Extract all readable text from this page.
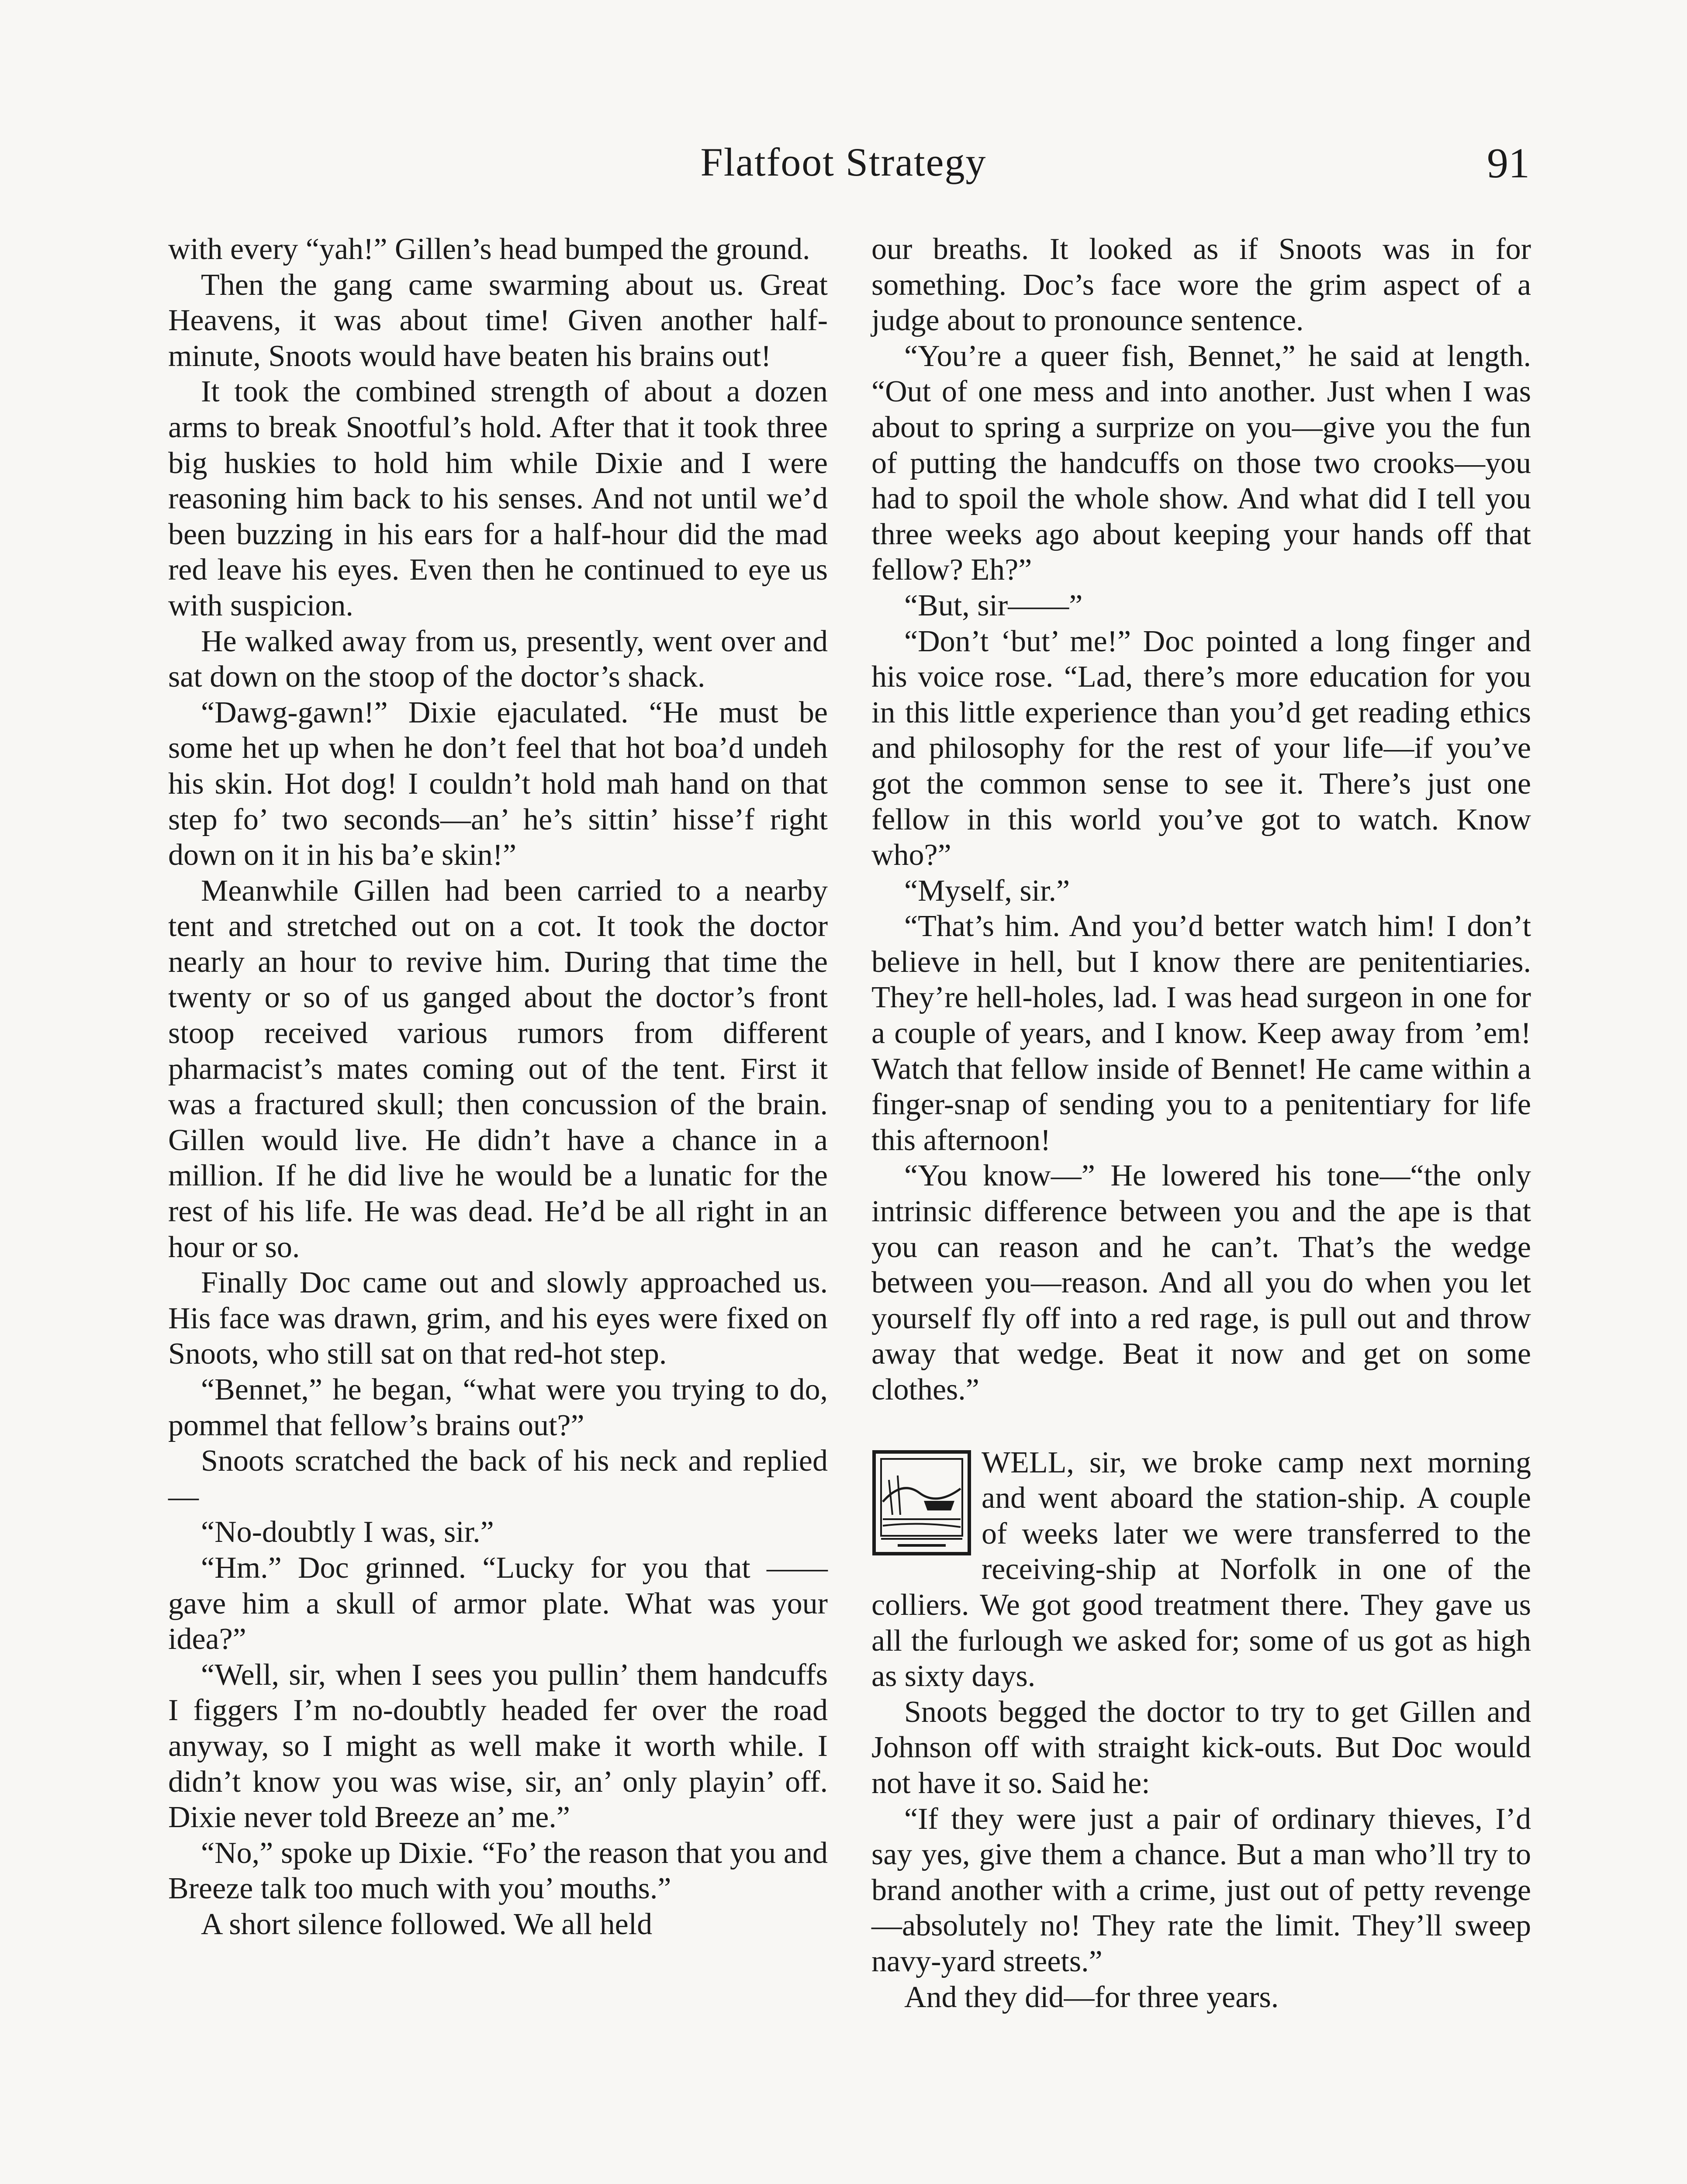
Flatfoot Strategy	91

with every “yah!” Gillen’s head bumped the ground.

Then the gang came swarming about us. Great Heavens, it was about time! Given another half-minute, Snoots would have beaten his brains out!

It took the combined strength of about a dozen arms to break Snootful’s hold. After that it took three big huskies to hold him while Dixie and I were reasoning him back to his senses. And not until we’d been buzzing in his ears for a half-hour did the mad red leave his eyes. Even then he continued to eye us with suspicion.

He walked away from us, presently, went over and sat down on the stoop of the doctor’s shack.

“Dawg-gawn!” Dixie ejaculated. “He must be some het up when he don’t feel that hot boa’d undeh his skin. Hot dog! I couldn’t hold mah hand on that step fo’ two seconds—an’ he’s sittin’ hisse’f right down on it in his ba’e skin!”

Meanwhile Gillen had been carried to a nearby tent and stretched out on a cot. It took the doctor nearly an hour to revive him. During that time the twenty or so of us ganged about the doctor’s front stoop received various rumors from different pharmacist’s mates coming out of the tent. First it was a fractured skull; then concussion of the brain. Gillen would live. He didn’t have a chance in a million. If he did live he would be a lunatic for the rest of his life. He was dead. He’d be all right in an hour or so.

Finally Doc came out and slowly approached us. His face was drawn, grim, and his eyes were fixed on Snoots, who still sat on that red-hot step.

“Bennet,” he began, “what were you trying to do, pommel that fellow’s brains out?”

Snoots scratched the back of his neck and replied—

“No-doubtly I was, sir.”

“Hm.” Doc grinned. “Lucky for you that —— gave him a skull of armor plate. What was your idea?”

“Well, sir, when I sees you pullin’ them handcuffs I figgers I’m no-doubtly headed fer over the road anyway, so I might as well make it worth while. I didn’t know you was wise, sir, an’ only playin’ off. Dixie never told Breeze an’ me.”

“No,” spoke up Dixie. “Fo’ the reason that you and Breeze talk too much with you’ mouths.”

A short silence followed. We all held

our breaths. It looked as if Snoots was in for something. Doc’s face wore the grim aspect of a judge about to pronounce sentence.

“You’re a queer fish, Bennet,” he said at length. “Out of one mess and into another. Just when I was about to spring a surprize on you—give you the fun of putting the handcuffs on those two crooks—you had to spoil the whole show. And what did I tell you three weeks ago about keeping your hands off that fellow? Eh?”

“But, sir——”

“Don’t ‘but’ me!” Doc pointed a long finger and his voice rose. “Lad, there’s more education for you in this little experience than you’d get reading ethics and philosophy for the rest of your life—if you’ve got the common sense to see it. There’s just one fellow in this world you’ve got to watch. Know who?”

“Myself, sir.”

“That’s him. And you’d better watch him! I don’t believe in hell, but I know there are penitentiaries. They’re hell-holes, lad. I was head surgeon in one for a couple of years, and I know. Keep away from ’em! Watch that fellow inside of Bennet! He came within a finger-snap of sending you to a penitentiary for life this afternoon!

“You know—” He lowered his tone—“the only intrinsic difference between you and the ape is that you can reason and he can’t. That’s the wedge between you—reason. And all you do when you let yourself fly off into a red rage, is pull out and throw away that wedge. Beat it now and get on some clothes.”

WELL, sir, we broke camp next morning and went aboard the station-ship. A couple of weeks later we were transferred to the receiving-ship at Norfolk in one of the colliers. We got good treatment there. They gave us all the furlough we asked for; some of us got as high as sixty days.

Snoots begged the doctor to try to get Gillen and Johnson off with straight kick-outs. But Doc would not have it so. Said he:

“If they were just a pair of ordinary thieves, I’d say yes, give them a chance. But a man who’ll try to brand another with a crime, just out of petty revenge—absolutely no! They rate the limit. They’ll sweep navy-yard streets.”

And they did—for three years.
